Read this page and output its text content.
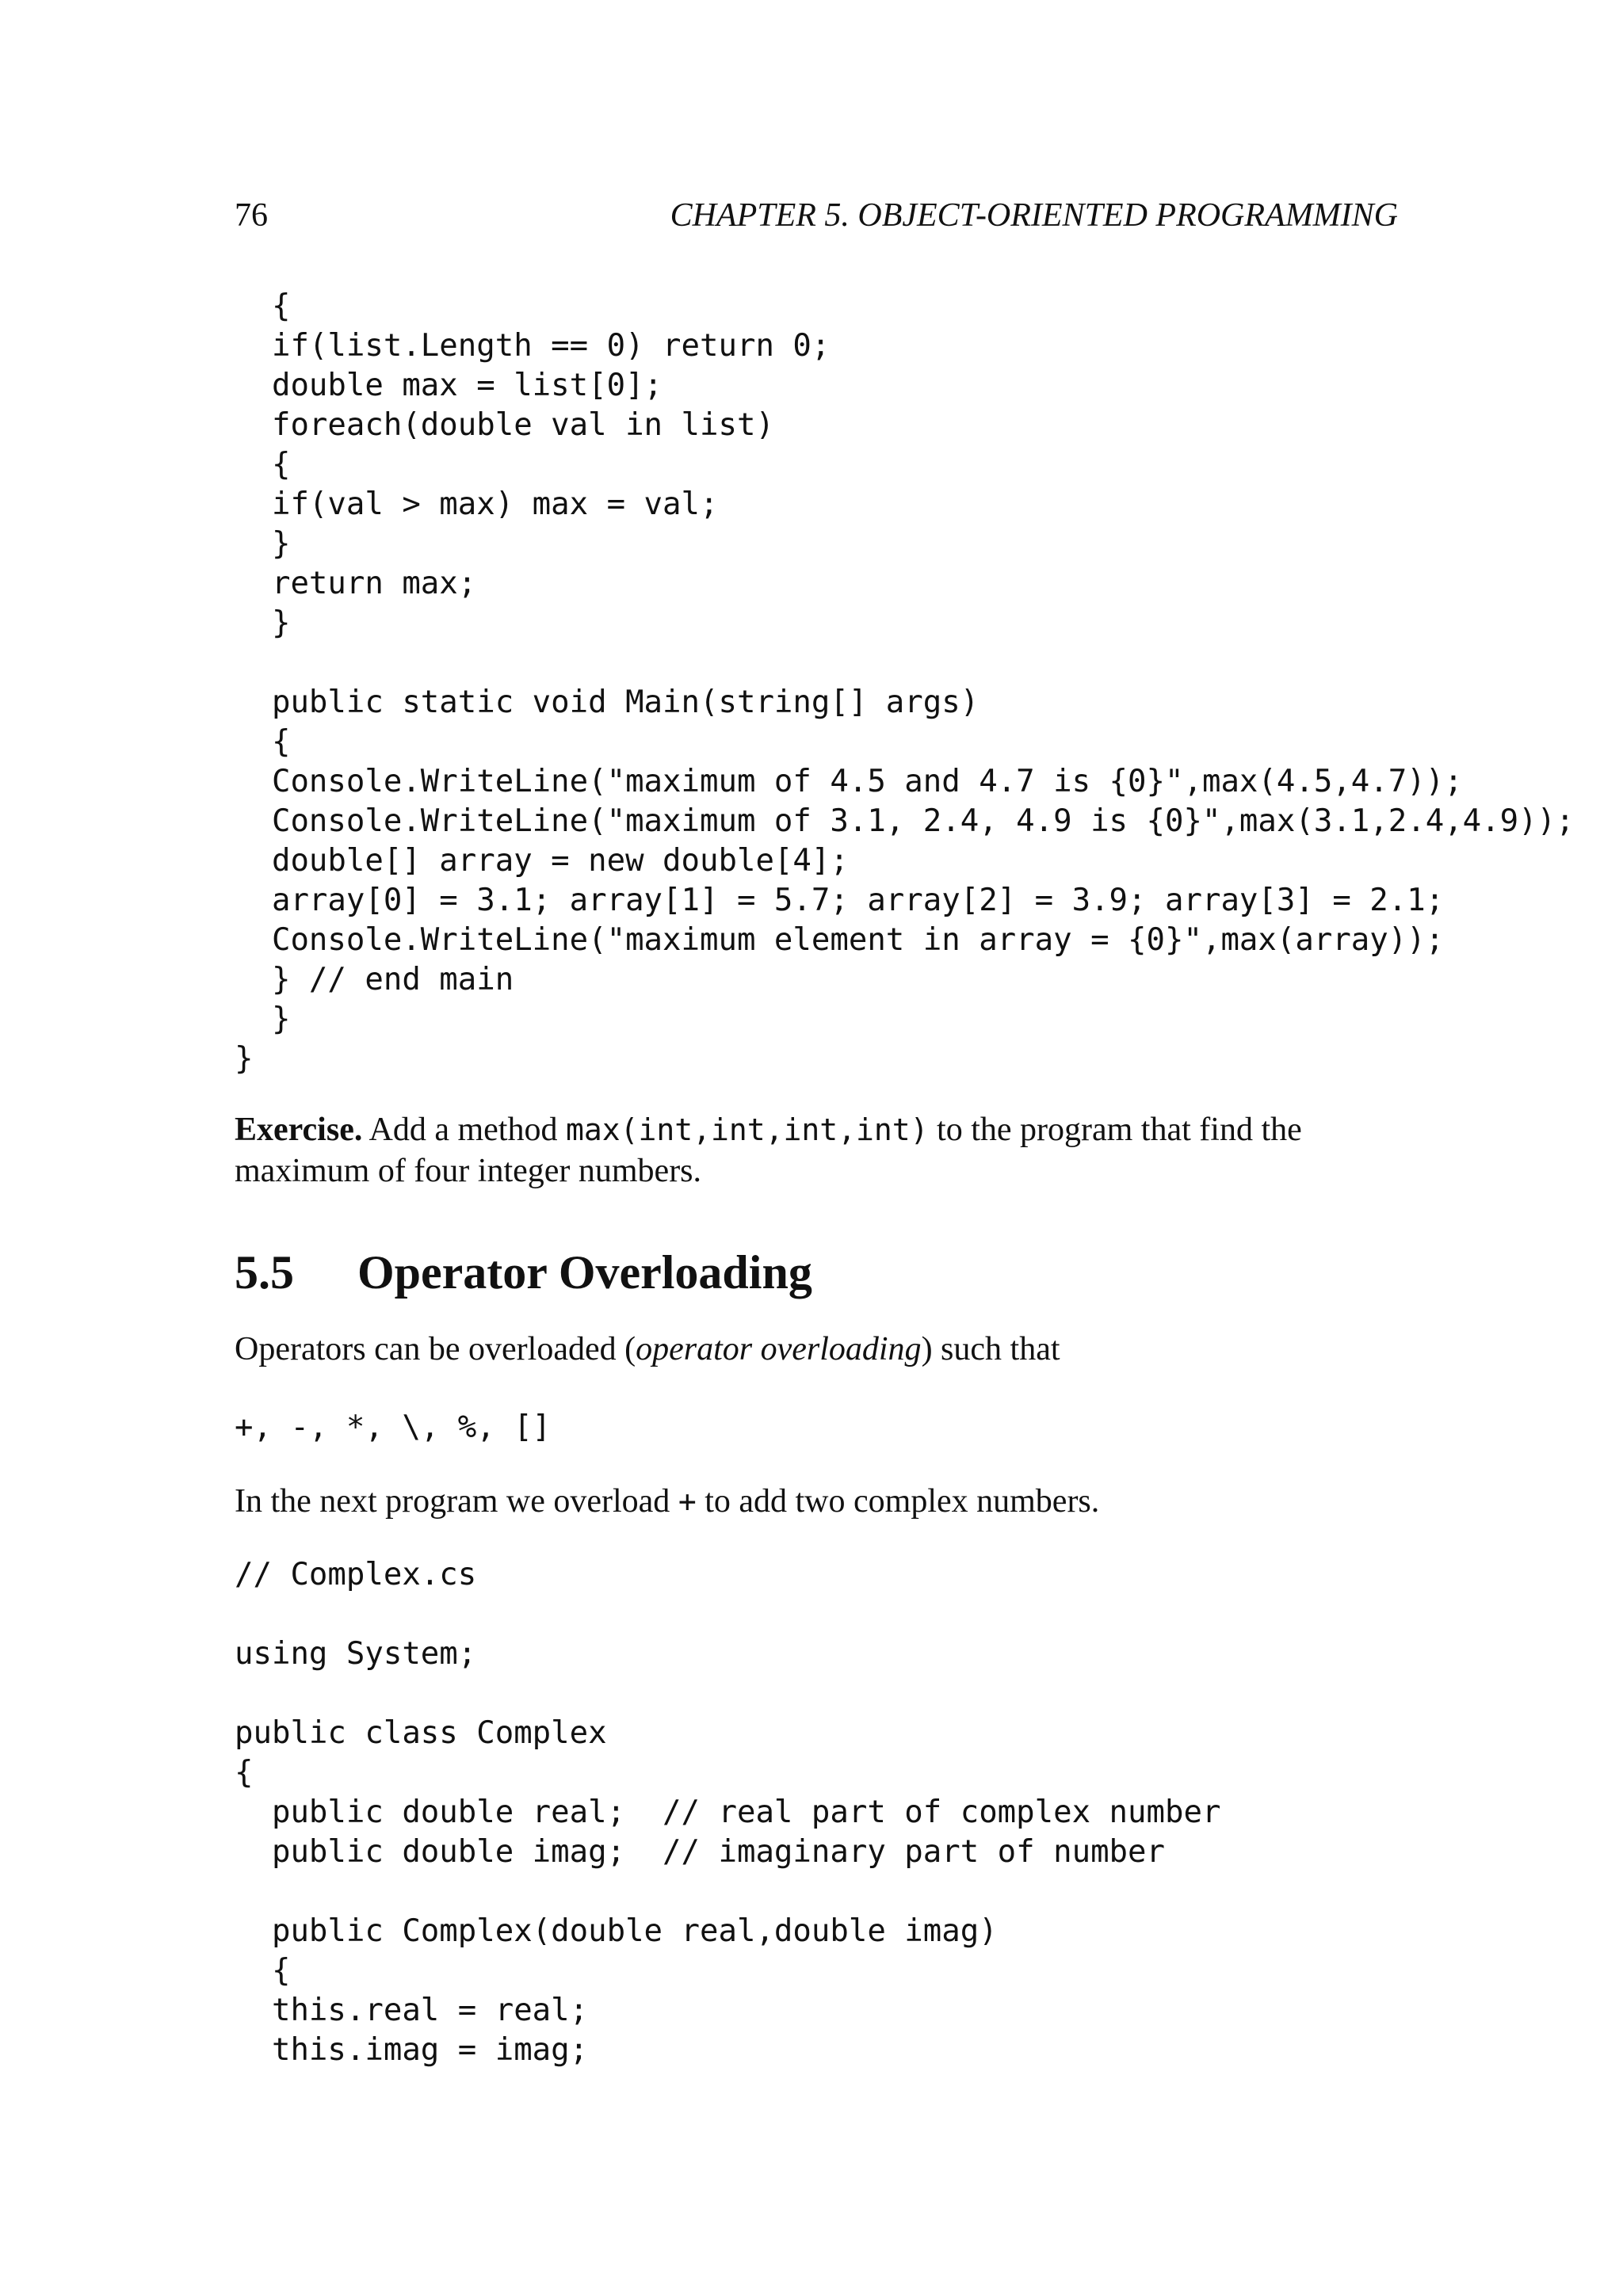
76	CHAPTER 5. OBJECT-ORIENTED PROGRAMMING
{
if(list.Length == 0) return 0;
double max = list[0];
foreach(double val in list)
{
if(val > max) max = val;
}
return max;
}
public static void Main(string[] args)
{
Console.WriteLine("maximum of 4.5 and 4.7 is {0}",max(4.5,4.7));
Console.WriteLine("maximum of 3.1, 2.4, 4.9 is {0}",max(3.1,2.4,4.9));
double[] array = new double[4];
array[0] = 3.1; array[1] = 5.7; array[2] = 3.9; array[3] = 2.1;
Console.WriteLine("maximum element in array = {0}",max(array));
} // end main
}
}
Exercise. Add a method max(int,int,int,int) to the program that find the maximum of four integer numbers.
5.5 Operator Overloading
Operators can be overloaded (operator overloading) such that
+, -, *, \, %, []
In the next program we overload + to add two complex numbers.
// Complex.cs
using System;
public class Complex
{
public double real;  // real part of complex number
public double imag;  // imaginary part of number
public Complex(double real,double imag)
{
this.real = real;
this.imag = imag;
